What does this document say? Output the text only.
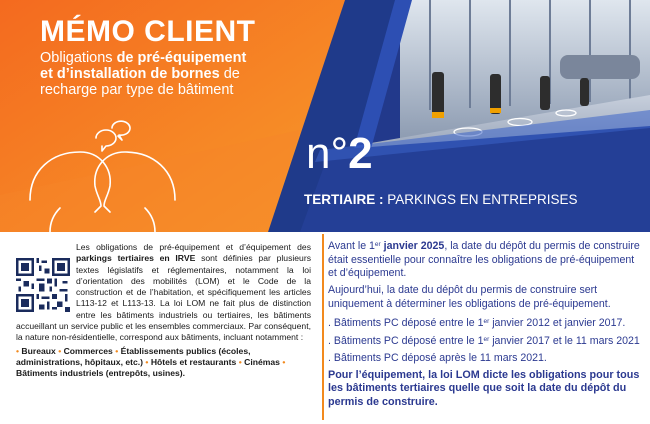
MÉMO CLIENT
Obligations de pré-équipement
et d’installation de bornes de
recharge par type de bâtiment
n°2
TERTIAIRE : PARKINGS EN ENTREPRISES
Les obligations de pré-équipement et d’équipement des parkings tertiaires en IRVE sont définies par plusieurs textes législatifs et réglementaires, notamment la loi d’orientation des mobilités (LOM) et le Code de la construction et de l’habitation, et spécifiquement les articles L113-12 et L113-13. La loi LOM ne fait plus de distinction entre les bâtiments industriels ou tertiaires, les bâtiments accueillant un service public et les ensembles commerciaux. Par conséquent, la nature non-résidentielle, correspond aux bâtiments, incluant notamment :
• Bureaux • Commerces • Établissements publics (écoles, administrations, hôpitaux, etc.) • Hôtels et restaurants • Cinémas • Bâtiments industriels (entrepôts, usines).

Avant le 1er janvier 2025, la date du dépôt du permis de construire était essentielle pour connaître les obligations de pré-équipement et d’équipement.

Aujourd’hui, la date du dépôt du permis de construire sert uniquement à déterminer les obligations de pré-équipement.

. Bâtiments PC déposé entre le 1er janvier 2012 et janvier 2017.

. Bâtiments PC déposé entre le 1er janvier 2017 et le 11 mars 2021

. Bâtiments PC déposé après le 11 mars 2021.

Pour l’équipement, la loi LOM dicte les obligations pour tous les bâtiments tertiaires quelle que soit la date du dépôt du permis de construire.
